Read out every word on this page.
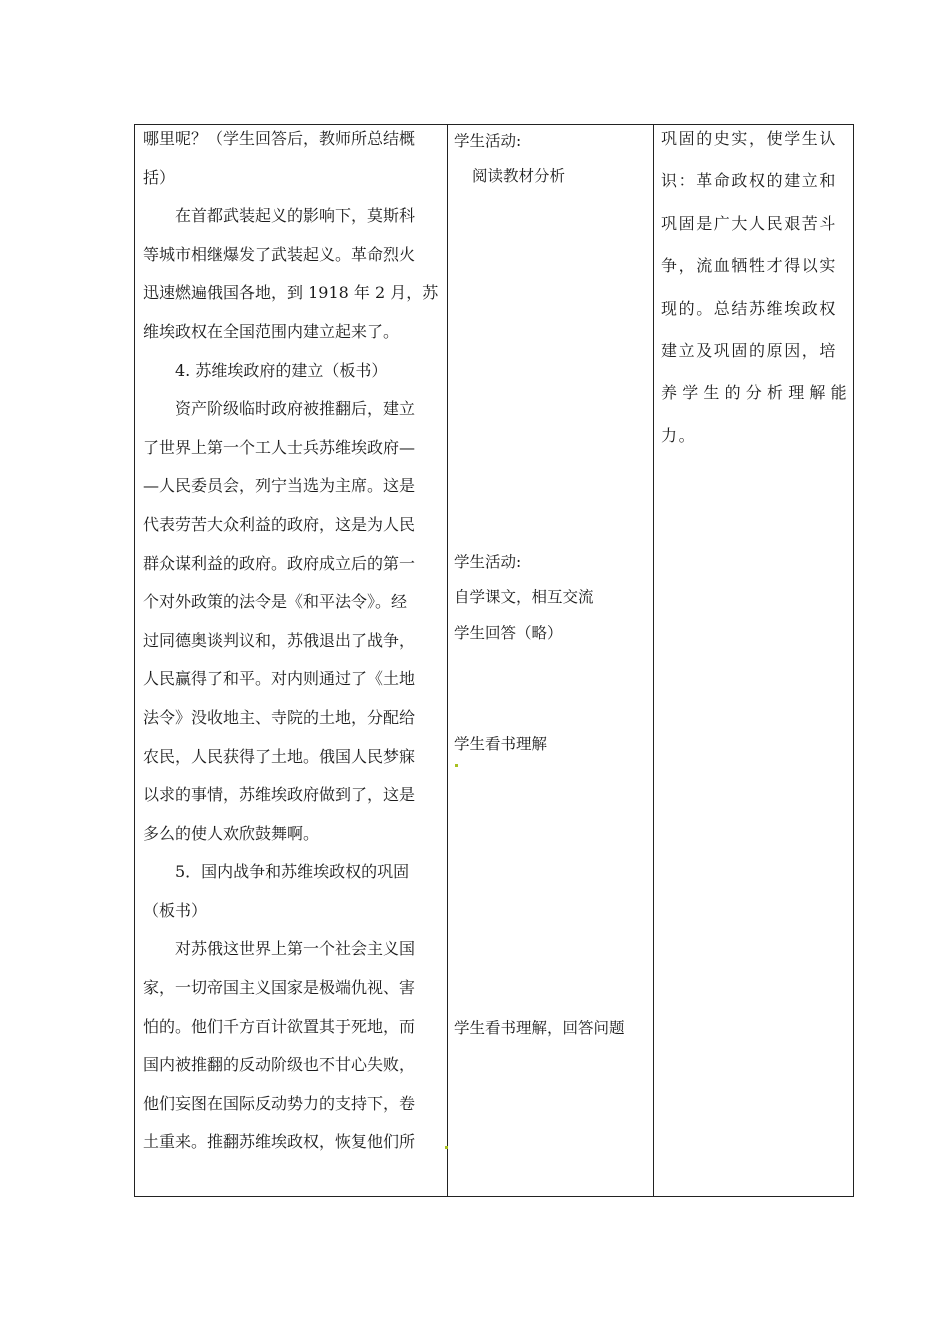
哪里呢？（学生回答后，教师所总结概
括）
　　在首都武装起义的影响下，莫斯科
等城市相继爆发了武装起义。革命烈火
迅速燃遍俄国各地，到 1918 年 2 月，苏
维埃政权在全国范围内建立起来了。
　　4. 苏维埃政府的建立（板书）
　　资产阶级临时政府被推翻后，建立
了世界上第一个工人士兵苏维埃政府—
—人民委员会，列宁当选为主席。这是
代表劳苦大众利益的政府，这是为人民
群众谋利益的政府。政府成立后的第一
个对外政策的法令是《和平法令》。经
过同德奥谈判议和，苏俄退出了战争，
人民赢得了和平。对内则通过了《土地
法令》没收地主、寺院的土地，分配给
农民，人民获得了土地。俄国人民梦寐
以求的事情，苏维埃政府做到了，这是
多么的使人欢欣鼓舞啊。
　　5．国内战争和苏维埃政权的巩固
（板书）
　　对苏俄这世界上第一个社会主义国
家，一切帝国主义国家是极端仇视、害
怕的。他们千方百计欲置其于死地，而
国内被推翻的反动阶级也不甘心失败，
他们妄图在国际反动势力的支持下，卷
土重来。推翻苏维埃政权，恢复他们所
学生活动:
阅读教材分析
学生活动:
自学课文，相互交流
学生回答（略）
学生看书理解
学生看书理解，回答问题
巩固的史实，使学生认
识：革命政权的建立和
巩固是广大人民艰苦斗
争，流血牺牲才得以实
现的。总结苏维埃政权
建立及巩固的原因，培
养学生的分析理解能
力。
